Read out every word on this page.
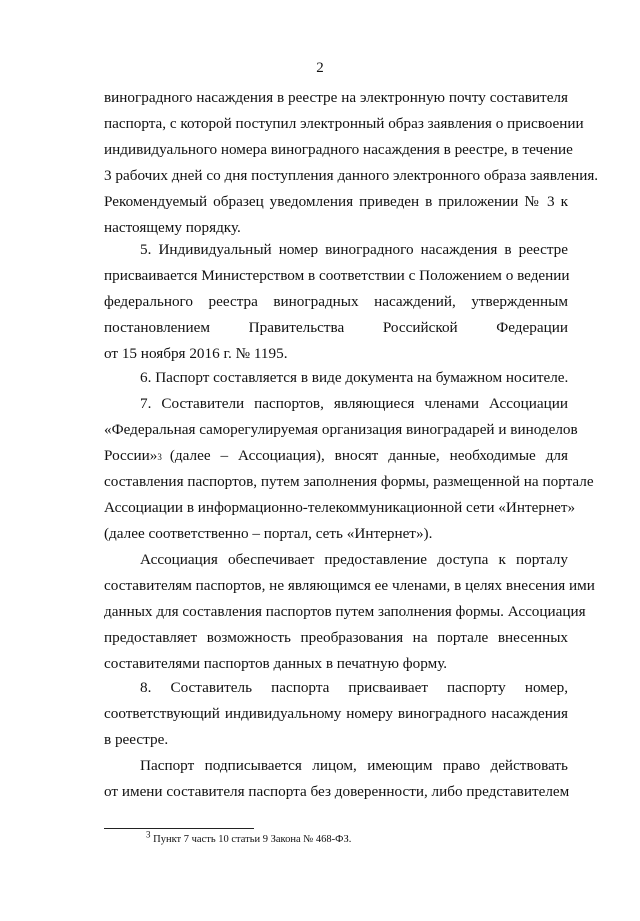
2
виноградного насаждения в реестре на электронную почту составителя
паспорта, с которой поступил электронный образ заявления о присвоении
индивидуального номера виноградного насаждения в реестре, в течение
3 рабочих дней со дня поступления данного электронного образа заявления.
Рекомендуемый образец уведомления приведен в приложении № 3 к
настоящему порядку.
5. Индивидуальный номер виноградного насаждения в реестре
присваивается Министерством в соответствии с Положением о ведении
федерального реестра виноградных насаждений, утвержденным
постановлением Правительства Российской Федерации
от 15 ноября 2016 г. № 1195.
6. Паспорт составляется в виде документа на бумажном носителе.
7. Составители паспортов, являющиеся членами Ассоциации
«Федеральная саморегулируемая организация виноградарей и виноделов
России» 3 (далее – Ассоциация), вносят данные, необходимые для
составления паспортов, путем заполнения формы, размещенной на портале
Ассоциации в информационно-телекоммуникационной сети «Интернет»
(далее соответственно – портал, сеть «Интернет»).
Ассоциация обеспечивает предоставление доступа к порталу
составителям паспортов, не являющимся ее членами, в целях внесения ими
данных для составления паспортов путем заполнения формы. Ассоциация
предоставляет возможность преобразования на портале внесенных
составителями паспортов данных в печатную форму.
8. Составитель паспорта присваивает паспорту номер,
соответствующий индивидуальному номеру виноградного насаждения
в реестре.
Паспорт подписывается лицом, имеющим право действовать
от имени составителя паспорта без доверенности, либо представителем
$^3$ Пункт 7 часть 10 статьи 9 Закона № 468-ФЗ.
